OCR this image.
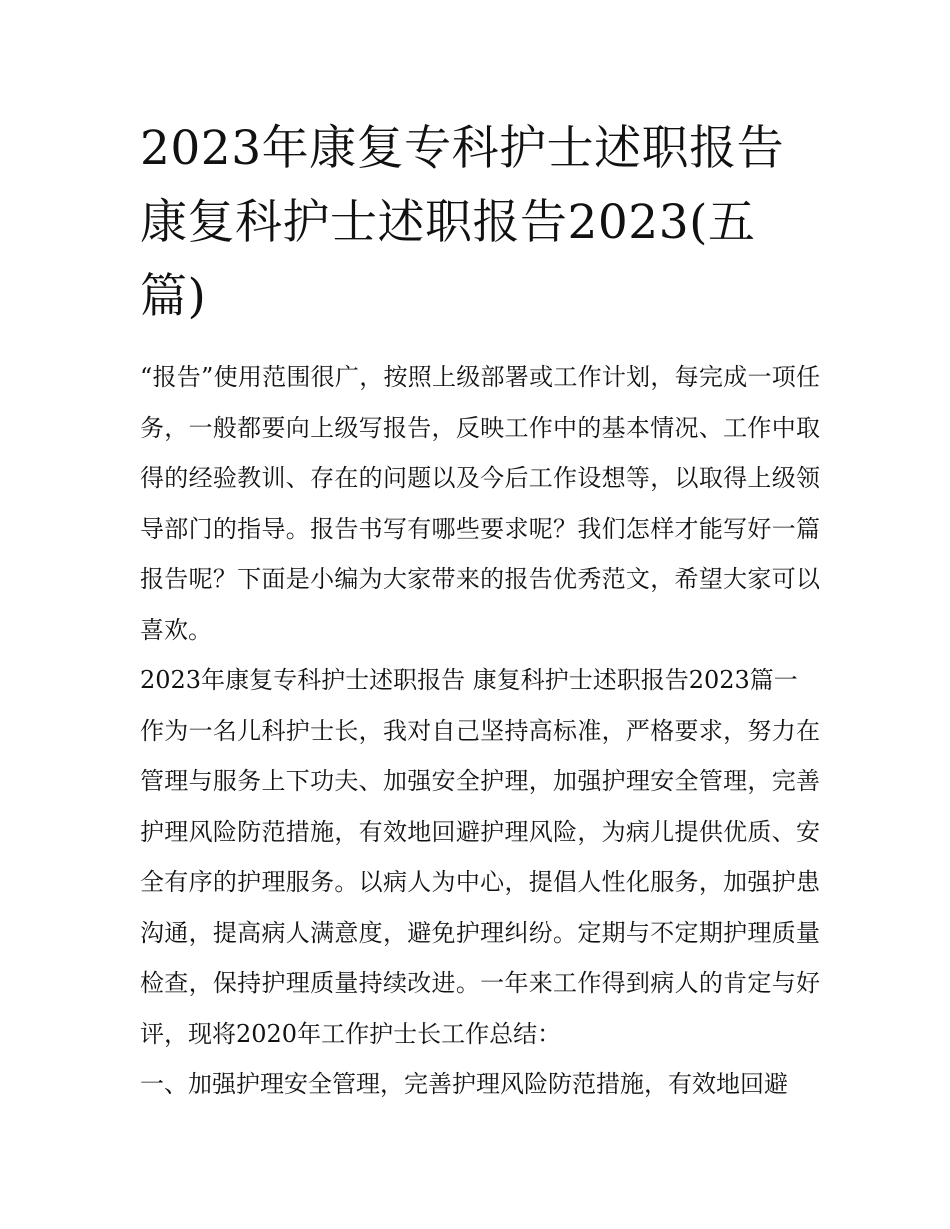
2023年康复专科护士述职报告
康复科护士述职报告2023(五
篇)

“报告”使用范围很广，按照上级部署或工作计划，每完成一项任务，一般都要向上级写报告，反映工作中的基本情况、工作中取得的经验教训、存在的问题以及今后工作设想等，以取得上级领导部门的指导。报告书写有哪些要求呢？我们怎样才能写好一篇报告呢？下面是小编为大家带来的报告优秀范文，希望大家可以喜欢。

2023年康复专科护士述职报告 康复科护士述职报告2023篇一

作为一名儿科护士长，我对自己坚持高标准，严格要求，努力在管理与服务上下功夫、加强安全护理，加强护理安全管理，完善护理风险防范措施，有效地回避护理风险，为病儿提供优质、安全有序的护理服务。以病人为中心，提倡人性化服务，加强护患沟通，提高病人满意度，避免护理纠纷。定期与不定期护理质量检查，保持护理质量持续改进。一年来工作得到病人的肯定与好评，现将2020年工作护士长工作总结：

一、加强护理安全管理，完善护理风险防范措施，有效地回避
